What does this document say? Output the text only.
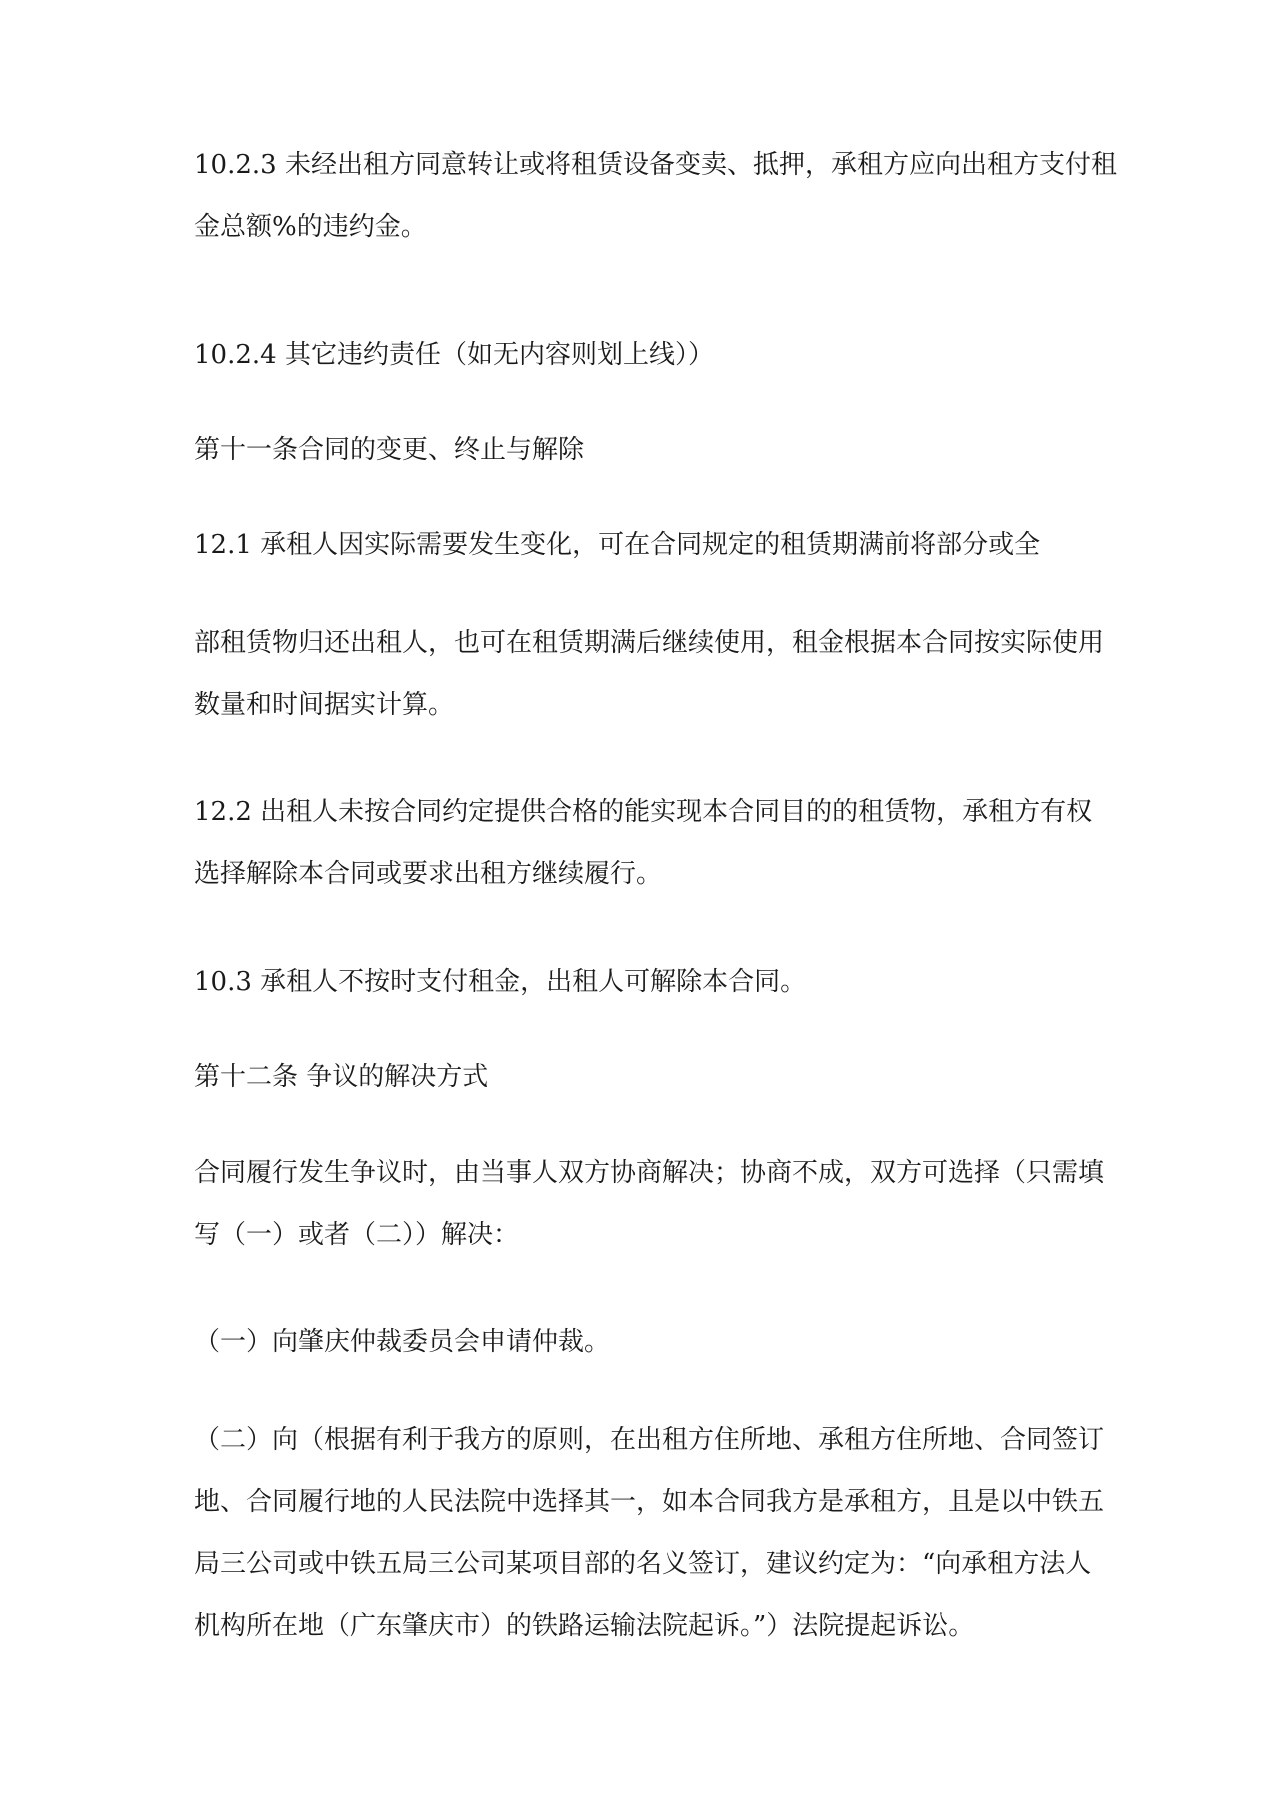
10.2.3 未经出租方同意转让或将租赁设备变卖、抵押，承租方应向出租方支付租
金总额%的违约金。
10.2.4 其它违约责任（如无内容则划上线））
第十一条合同的变更、终止与解除
12.1 承租人因实际需要发生变化，可在合同规定的租赁期满前将部分或全
部租赁物归还出租人，也可在租赁期满后继续使用，租金根据本合同按实际使用
数量和时间据实计算。
12.2 出租人未按合同约定提供合格的能实现本合同目的的租赁物，承租方有权
选择解除本合同或要求出租方继续履行。
10.3 承租人不按时支付租金，出租人可解除本合同。
第十二条 争议的解决方式
合同履行发生争议时，由当事人双方协商解决；协商不成，双方可选择（只需填
写（一）或者（二））解决：
（一）向肇庆仲裁委员会申请仲裁。
（二）向（根据有利于我方的原则，在出租方住所地、承租方住所地、合同签订
地、合同履行地的人民法院中选择其一，如本合同我方是承租方，且是以中铁五
局三公司或中铁五局三公司某项目部的名义签订，建议约定为：“向承租方法人
机构所在地（广东肇庆市）的铁路运输法院起诉。”）法院提起诉讼。
